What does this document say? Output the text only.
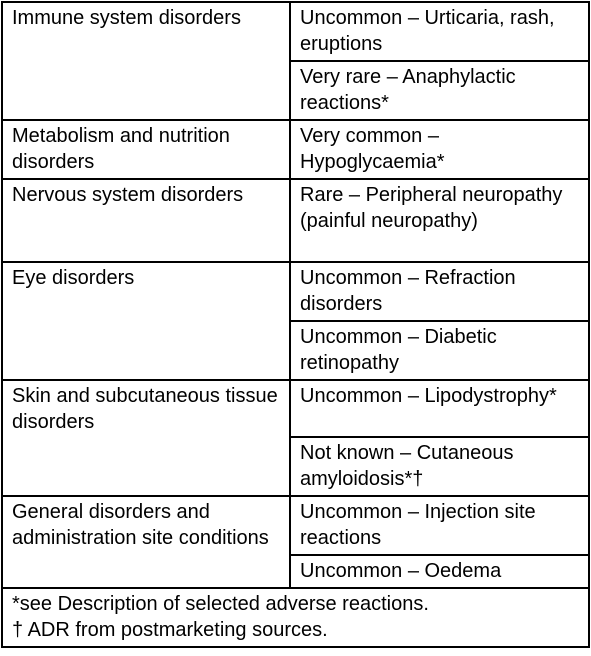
Immune system disorders	Uncommon – Urticaria, rash, eruptions
	Very rare – Anaphylactic reactions*
Metabolism and nutrition disorders	Very common – Hypoglycaemia*
Nervous system disorders	Rare – Peripheral neuropathy (painful neuropathy)
Eye disorders	Uncommon – Refraction disorders
	Uncommon – Diabetic retinopathy
Skin and subcutaneous tissue disorders	Uncommon – Lipodystrophy*
	Not known – Cutaneous amyloidosis*†
General disorders and administration site conditions	Uncommon – Injection site reactions
	Uncommon – Oedema

*see Description of selected adverse reactions.
† ADR from postmarketing sources.	
